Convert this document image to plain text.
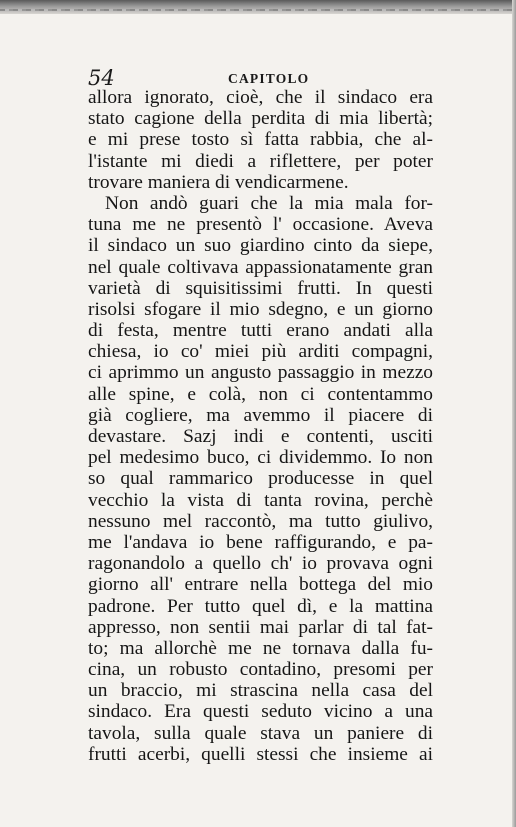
54	CAPITOLO
allora ignorato, cioè, che il sindaco era
stato cagione della perdita di mia libertà;
e mi prese tosto sì fatta rabbia, che al-
l'istante mi diedi a riflettere, per poter
trovare maniera di vendicarmene.
Non andò guari che la mia mala for-
tuna me ne presentò l' occasione. Aveva
il sindaco un suo giardino cinto da siepe,
nel quale coltivava appassionatamente gran
varietà di squisitissimi frutti. In questi
risolsi sfogare il mio sdegno, e un giorno
di festa, mentre tutti erano andati alla
chiesa, io co' miei più arditi compagni,
ci aprimmo un angusto passaggio in mezzo
alle spine, e colà, non ci contentammo
già cogliere, ma avemmo il piacere di
devastare. Sazj indi e contenti, usciti
pel medesimo buco, ci dividemmo. Io non
so qual rammarico producesse in quel
vecchio la vista di tanta rovina, perchè
nessuno mel raccontò, ma tutto giulivo,
me l'andava io bene raffigurando, e pa-
ragonandolo a quello ch' io provava ogni
giorno all' entrare nella bottega del mio
padrone. Per tutto quel dì, e la mattina
appresso, non sentii mai parlar di tal fat-
to; ma allorchè me ne tornava dalla fu-
cina, un robusto contadino, presomi per
un braccio, mi strascina nella casa del
sindaco. Era questi seduto vicino a una
tavola, sulla quale stava un paniere di
frutti acerbi, quelli stessi che insieme ai
